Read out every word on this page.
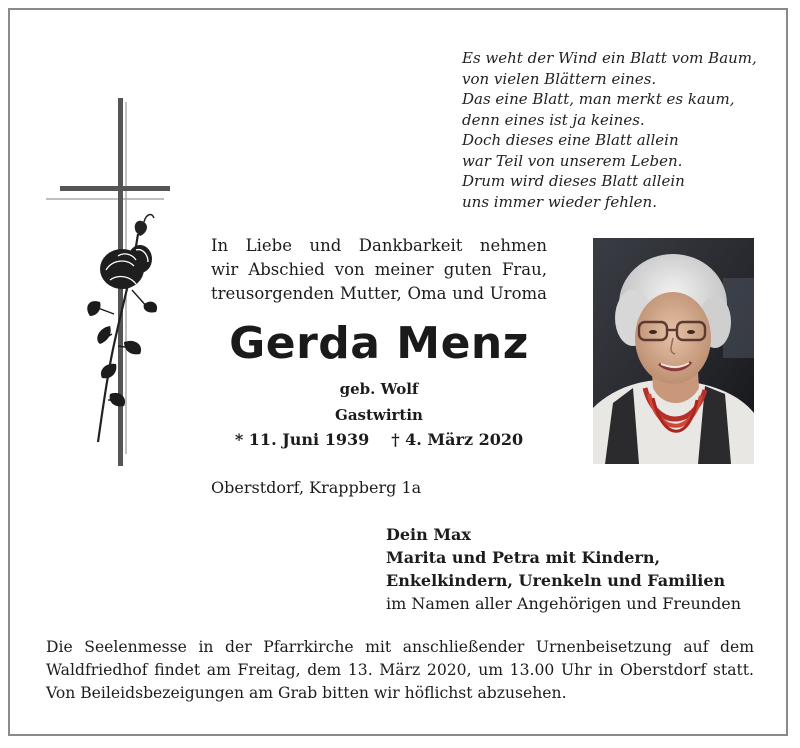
Es weht der Wind ein Blatt vom Baum,
von vielen Blättern eines.
Das eine Blatt, man merkt es kaum,
denn eines ist ja keines.
Doch dieses eine Blatt allein
war Teil von unserem Leben.
Drum wird dieses Blatt allein
uns immer wieder fehlen.
In Liebe und Dankbarkeit nehmen
wir Abschied von meiner guten Frau,
treusorgenden Mutter, Oma und Uroma
Gerda Menz
geb. Wolf
Gastwirtin
* 11. Juni 1939 † 4. März 2020
Oberstdorf, Krappberg 1a
Dein Max
Marita und Petra mit Kindern,
Enkelkindern, Urenkeln und Familien
im Namen aller Angehörigen und Freunden
Die Seelenmesse in der Pfarrkirche mit anschließender Urnenbeisetzung auf dem
Waldfriedhof findet am Freitag, dem 13. März 2020, um 13.00 Uhr in Oberstdorf statt.
Von Beileidsbezeigungen am Grab bitten wir höflichst abzusehen.
